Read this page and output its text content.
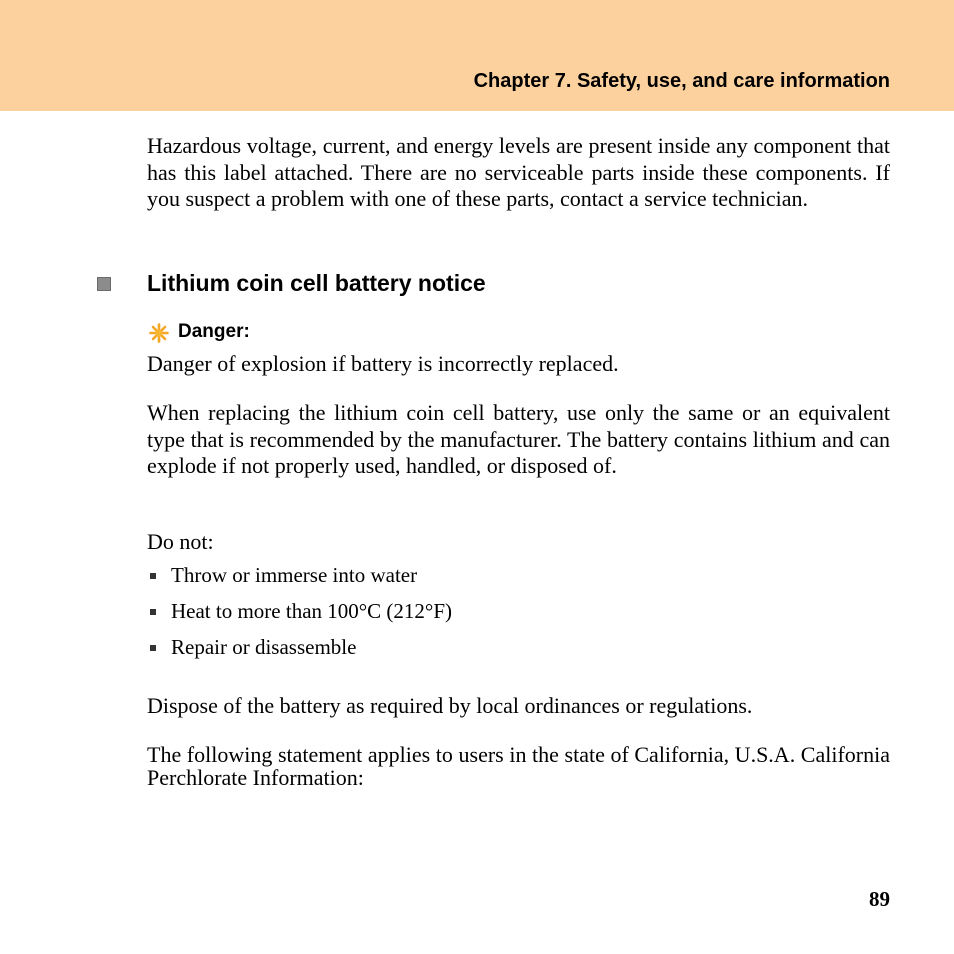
Chapter 7. Safety, use, and care information

Hazardous voltage, current, and energy levels are present inside any component that has this label attached. There are no serviceable parts inside these components. If you suspect a problem with one of these parts, contact a service technician.

Lithium coin cell battery notice
Danger:

Danger of explosion if battery is incorrectly replaced.

When replacing the lithium coin cell battery, use only the same or an equivalent type that is recommended by the manufacturer. The battery contains lithium and can explode if not properly used, handled, or disposed of.

Do not:

Throw or immerse into water
Heat to more than 100°C (212°F)
Repair or disassemble

Dispose of the battery as required by local ordinances or regulations.

The following statement applies to users in the state of California, U.S.A. California Perchlorate Information:

89
